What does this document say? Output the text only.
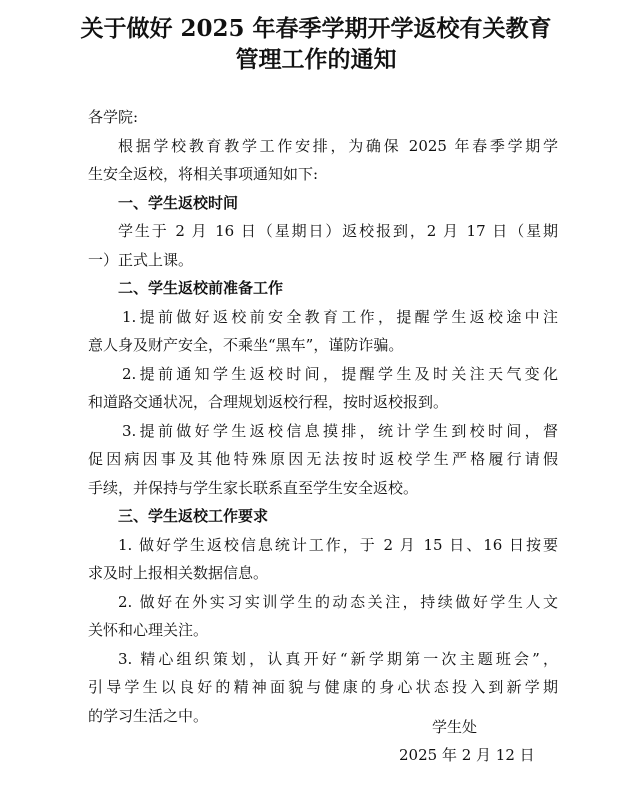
关于做好 2025 年春季学期开学返校有关教育
管理工作的通知
各学院:
根据学校教育教学工作安排，为确保 2025 年春季学期学
生安全返校，将相关事项通知如下:
一、学生返校时间
学生于 2 月 16 日（星期日）返校报到，2 月 17 日（星期
一）正式上课。
二、学生返校前准备工作
1.提前做好返校前安全教育工作，提醒学生返校途中注
意人身及财产安全，不乘坐“黑车”，谨防诈骗。
2.提前通知学生返校时间，提醒学生及时关注天气变化
和道路交通状况，合理规划返校行程，按时返校报到。
3.提前做好学生返校信息摸排，统计学生到校时间，督
促因病因事及其他特殊原因无法按时返校学生严格履行请假
手续，并保持与学生家长联系直至学生安全返校。
三、学生返校工作要求
1. 做好学生返校信息统计工作，于 2 月 15 日、16 日按要
求及时上报相关数据信息。
2. 做好在外实习实训学生的动态关注，持续做好学生人文
关怀和心理关注。
3. 精心组织策划，认真开好“新学期第一次主题班会”，
引导学生以良好的精神面貌与健康的身心状态投入到新学期
的学习生活之中。
学生处
2025 年 2 月 12 日
